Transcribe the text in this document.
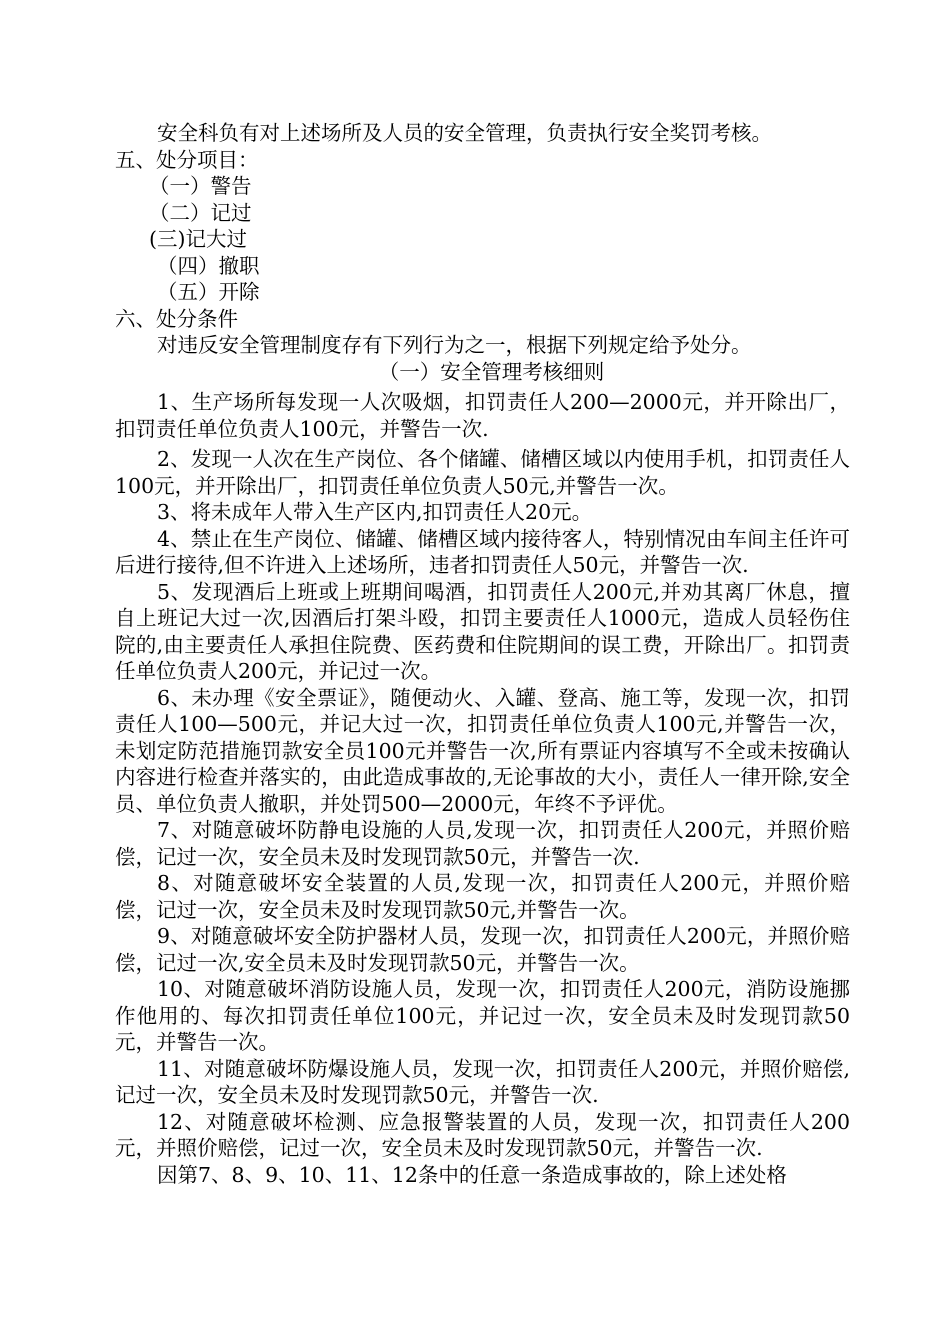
安全科负有对上述场所及人员的安全管理，负责执行安全奖罚考核。

五、处分项目：

（一）警告

（二）记过

(三)记大过

（四）撤职

（五）开除

六、处分条件

对违反安全管理制度存有下列行为之一，根据下列规定给予处分。

（一）安全管理考核细则

1、生产场所每发现一人次吸烟，扣罚责任人200—2000元，并开除出厂，扣罚责任单位负责人100元，并警告一次.

2、发现一人次在生产岗位、各个储罐、储槽区域以内使用手机，扣罚责任人100元，并开除出厂，扣罚责任单位负责人50元,并警告一次。

3、将未成年人带入生产区内,扣罚责任人20元。

4、禁止在生产岗位、储罐、储槽区域内接待客人，特别情况由车间主任许可后进行接待,但不许进入上述场所，违者扣罚责任人50元，并警告一次.

5、发现酒后上班或上班期间喝酒，扣罚责任人200元,并劝其离厂休息，擅自上班记大过一次,因酒后打架斗殴，扣罚主要责任人1000元，造成人员轻伤住院的,由主要责任人承担住院费、医药费和住院期间的误工费，开除出厂。扣罚责任单位负责人200元，并记过一次。

6、未办理《安全票证》，随便动火、入罐、登高、施工等，发现一次，扣罚责任人100—500元，并记大过一次，扣罚责任单位负责人100元,并警告一次，未划定防范措施罚款安全员100元并警告一次,所有票证内容填写不全或未按确认内容进行检查并落实的，由此造成事故的,无论事故的大小，责任人一律开除,安全员、单位负责人撤职，并处罚500—2000元，年终不予评优。

7、对随意破坏防静电设施的人员,发现一次，扣罚责任人200元，并照价赔偿，记过一次，安全员未及时发现罚款50元，并警告一次.

8、对随意破坏安全装置的人员,发现一次，扣罚责任人200元，并照价赔偿，记过一次，安全员未及时发现罚款50元,并警告一次。

9、对随意破坏安全防护器材人员，发现一次，扣罚责任人200元，并照价赔偿，记过一次,安全员未及时发现罚款50元，并警告一次。

10、对随意破坏消防设施人员，发现一次，扣罚责任人200元，消防设施挪作他用的、每次扣罚责任单位100元，并记过一次，安全员未及时发现罚款50元，并警告一次。

11、对随意破坏防爆设施人员，发现一次，扣罚责任人200元，并照价赔偿,记过一次，安全员未及时发现罚款50元，并警告一次.

12、对随意破坏检测、应急报警装置的人员，发现一次，扣罚责任人200元，并照价赔偿，记过一次，安全员未及时发现罚款50元，并警告一次.

因第7、8、9、10、11、12条中的任意一条造成事故的，除上述处格
